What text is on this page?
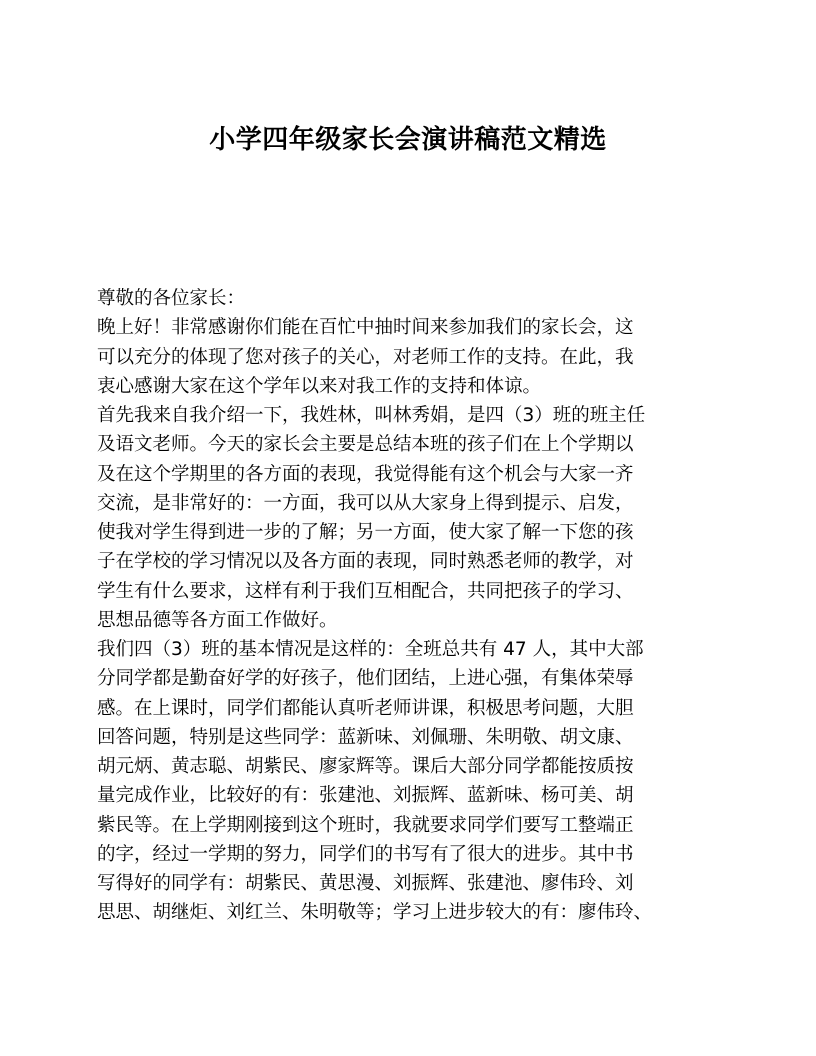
小学四年级家长会演讲稿范文精选
尊敬的各位家长：
晚上好！非常感谢你们能在百忙中抽时间来参加我们的家长会，这
可以充分的体现了您对孩子的关心，对老师工作的支持。在此，我
衷心感谢大家在这个学年以来对我工作的支持和体谅。
首先我来自我介绍一下，我姓林，叫林秀娟，是四（3）班的班主任
及语文老师。今天的家长会主要是总结本班的孩子们在上个学期以
及在这个学期里的各方面的表现，我觉得能有这个机会与大家一齐
交流，是非常好的：一方面，我可以从大家身上得到提示、启发，
使我对学生得到进一步的了解；另一方面，使大家了解一下您的孩
子在学校的学习情况以及各方面的表现，同时熟悉老师的教学，对
学生有什么要求，这样有利于我们互相配合，共同把孩子的学习、
思想品德等各方面工作做好。
我们四（3）班的基本情况是这样的：全班总共有 47 人，其中大部
分同学都是勤奋好学的好孩子，他们团结，上进心强，有集体荣辱
感。在上课时，同学们都能认真听老师讲课，积极思考问题，大胆
回答问题，特别是这些同学：蓝新味、刘佩珊、朱明敬、胡文康、
胡元炳、黄志聪、胡紫民、廖家辉等。课后大部分同学都能按质按
量完成作业，比较好的有：张建池、刘振辉、蓝新味、杨可美、胡
紫民等。在上学期刚接到这个班时，我就要求同学们要写工整端正
的字，经过一学期的努力，同学们的书写有了很大的进步。其中书
写得好的同学有：胡紫民、黄思漫、刘振辉、张建池、廖伟玲、刘
思思、胡继炬、刘红兰、朱明敬等；学习上进步较大的有：廖伟玲、
